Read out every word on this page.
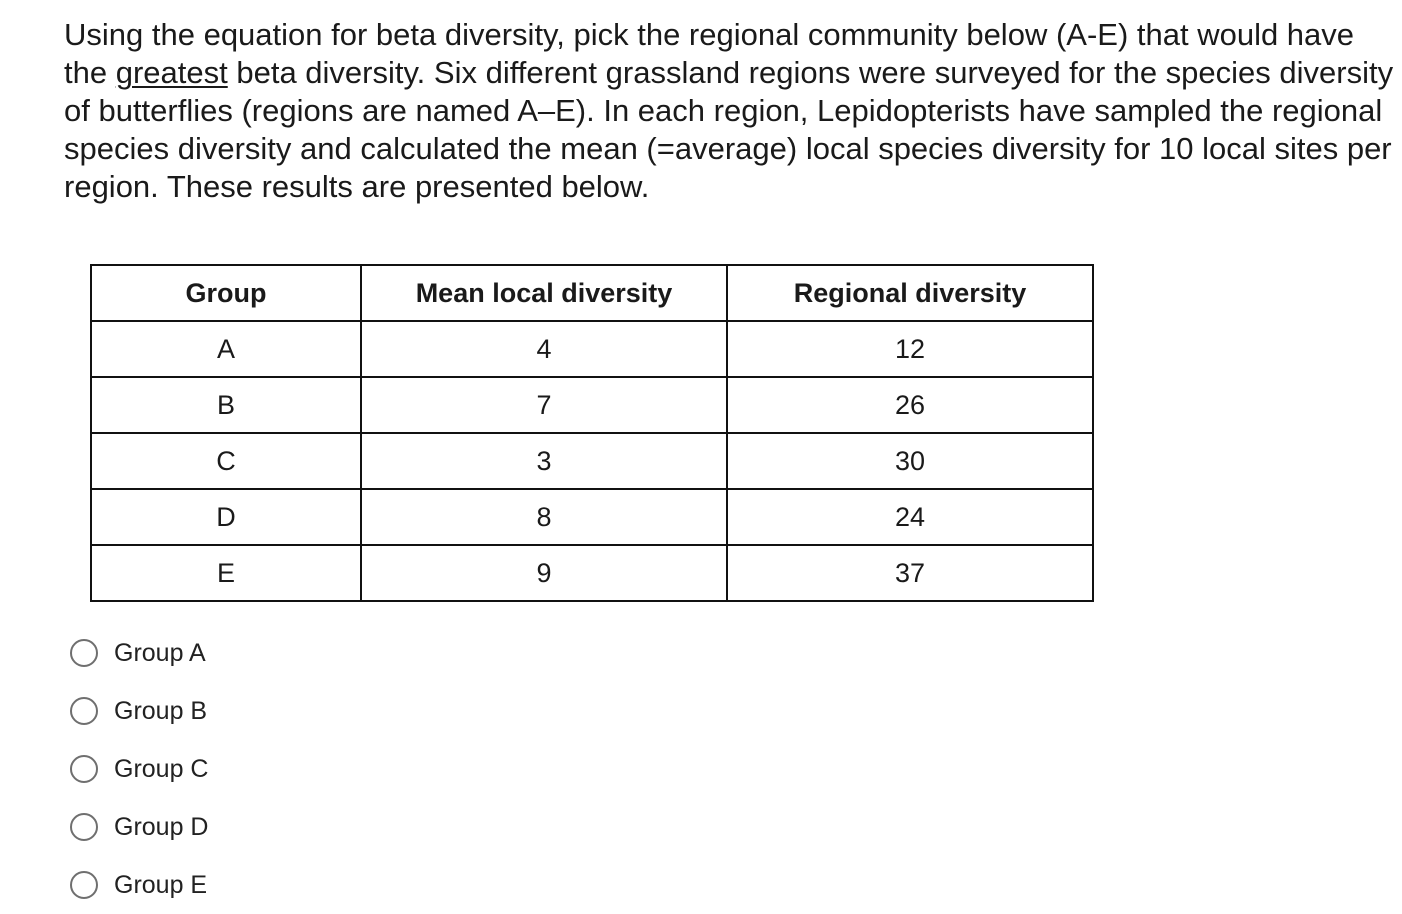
Using the equation for beta diversity, pick the regional community below (A-E) that would have the greatest beta diversity. Six different grassland regions were surveyed for the species diversity of butterflies (regions are named A–E). In each region, Lepidopterists have sampled the regional species diversity and calculated the mean (=average) local species diversity for 10 local sites per region. These results are presented below.

Group	Mean local diversity	Regional diversity
A	4	12
B	7	26
C	3	30
D	8	24
E	9	37
Group A
Group B
Group C
Group D
Group E
